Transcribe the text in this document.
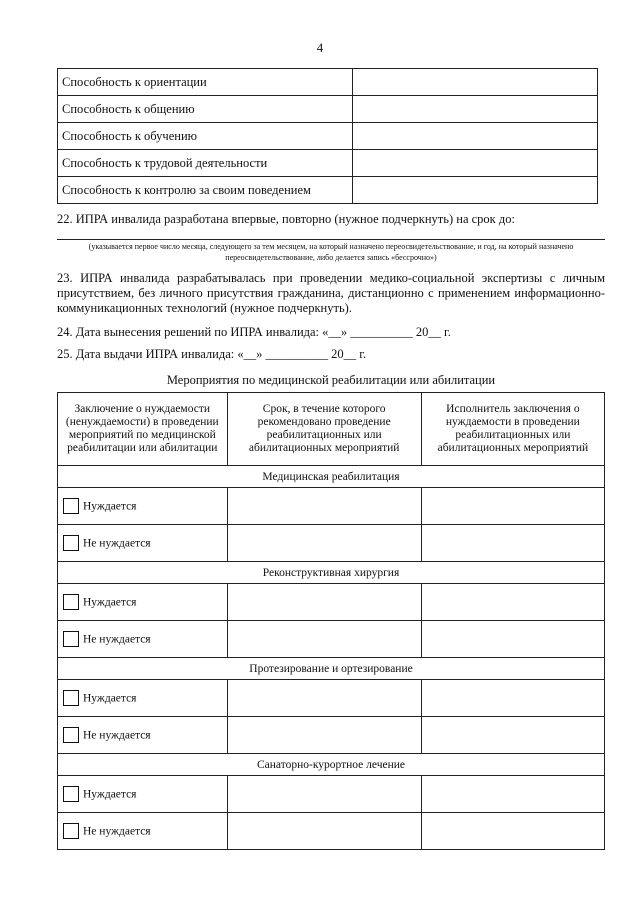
4
Способность к ориентации	
Способность к общению	
Способность к обучению	
Способность к трудовой деятельности	
Способность к контролю за своим поведением	
22. ИПРА инвалида разработана впервые, повторно (нужное подчеркнуть) на срок до:
(указывается первое число месяца, следующего за тем месяцем, на который назначено переосвидетельствование, и год, на который назначено переосвидетельствование, либо делается запись «бессрочно»)
23. ИПРА инвалида разрабатывалась при проведении медико-социальной экспертизы с личным присутствием, без личного присутствия гражданина, дистанционно с применением информационно-коммуникационных технологий (нужное подчеркнуть).
24. Дата вынесения решений по ИПРА инвалида: «__» __________ 20__ г.
25. Дата выдачи ИПРА инвалида: «__» __________ 20__ г.
Мероприятия по медицинской реабилитации или абилитации
Заключение о нуждаемости (ненуждаемости) в проведении мероприятий по медицинской реабилитации или абилитации	Срок, в течение которого рекомендовано проведение реабилитационных или абилитационных мероприятий	Исполнитель заключения о нуждаемости в проведении реабилитационных или абилитационных мероприятий
Медицинская реабилитация		
Нуждается		
Не нуждается		
Реконструктивная хирургия		
Нуждается		
Не нуждается		
Протезирование и ортезирование		
Нуждается		
Не нуждается		
Санаторно-курортное лечение		
Нуждается		
Не нуждается		
